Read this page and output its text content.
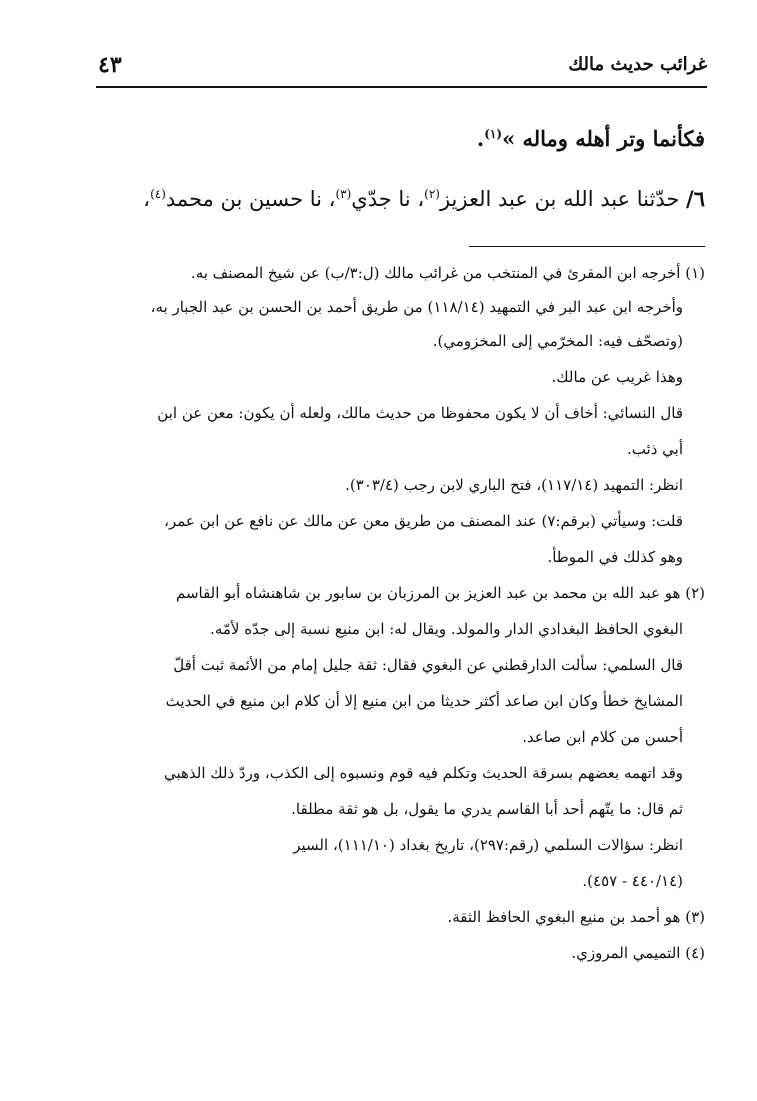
غرائب حديث مالك
٤٣
فكأنما وتر أهله وماله »$^{(١)}$.
٦/ حدّثنا عبد الله بن عبد العزيز$^{(٢)}$، نا جدّي$^{(٣)}$، نا حسين بن محمد$^{(٤)}$،
(١) أخرجه ابن المقرئ في المنتخب من غرائب مالك (ل:٣/ب) عن شيخ المصنف به.
وأخرجه ابن عبد البر في التمهيد (١١٨/١٤) من طريق أحمد بن الحسن بن عبد الجبار به،
(وتصحّف فيه: المخرّمي إلى المخزومي).
وهذا غريب عن مالك.
قال النسائي: أخاف أن لا يكون محفوظا من حديث مالك، ولعله أن يكون: معن عن ابن
أبي ذئب.
انظر: التمهيد (١١٧/١٤)، فتح الباري لابن رجب (٣٠٣/٤).
قلت: وسيأتي (برقم:٧) عند المصنف من طريق معن عن مالك عن نافع عن ابن عمر،
وهو كذلك في الموطأ.
(٢) هو عبد الله بن محمد بن عبد العزيز بن المرزبان بن سابور بن شاهنشاه أبو القاسم
البغوي الحافظ البغدادي الدار والمولد. ويقال له: ابن منيع نسبة إلى جدّه لأمّه.
قال السلمي: سألت الدارقطني عن البغوي فقال: ثقة جليل إمام من الأئمة ثبت أقلّ
المشايخ خطأ وكان ابن صاعد أكثر حديثا من ابن منيع إلا أن كلام ابن منيع في الحديث
أحسن من كلام ابن صاعد.
وقد اتهمه بعضهم بسرقة الحديث وتكلم فيه قوم ونسبوه إلى الكذب، وردّ ذلك الذهبي
ثم قال: ما يتّهم أحد أبا القاسم يدري ما يقول، بل هو ثقة مطلقا.
انظر: سؤالات السلمي (رقم:٢٩٧)، تاريخ بغداد (١١١/١٠)، السير
(٤٤٠/١٤ - ٤٥٧).
(٣) هو أحمد بن منيع البغوي الحافظ الثقة.
(٤) التميمي المروزي.
